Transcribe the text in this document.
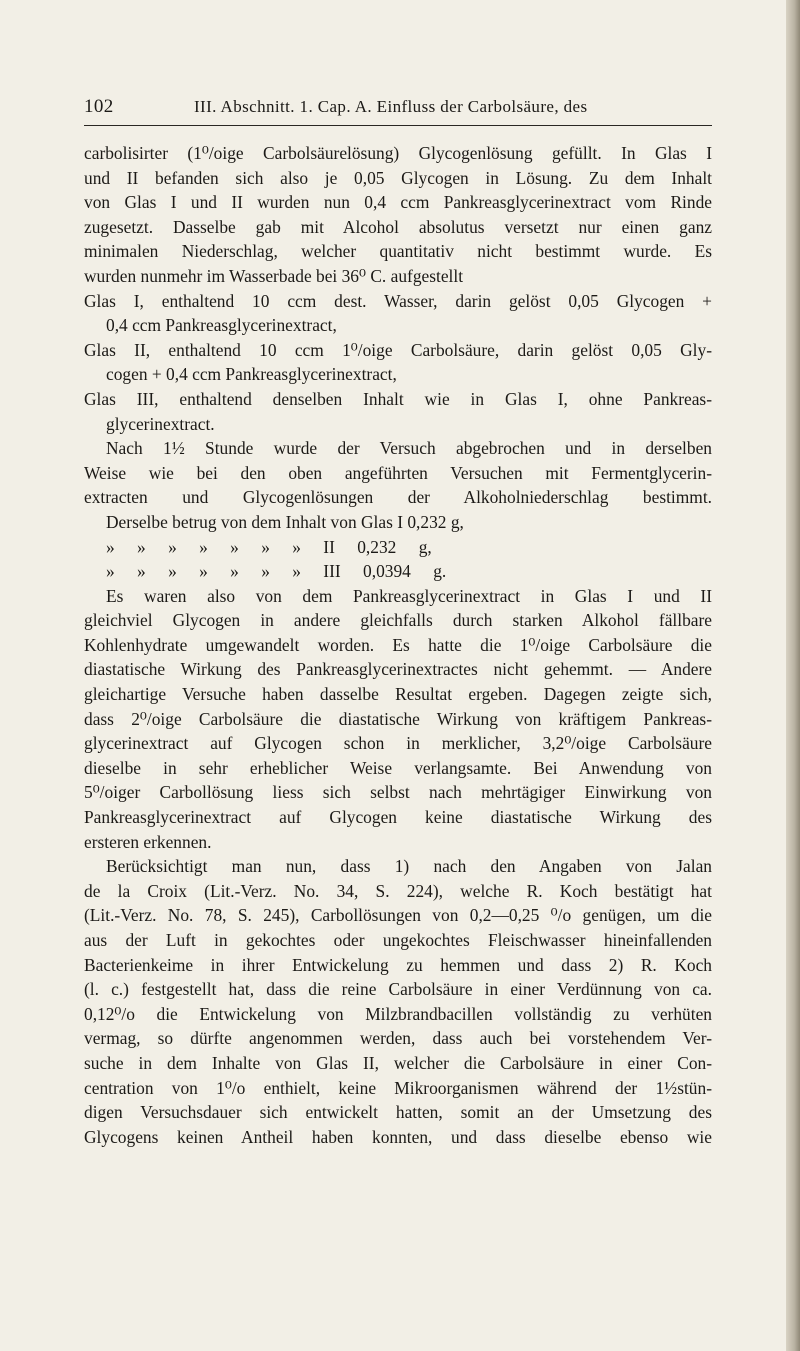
102	III. Abschnitt. 1. Cap. A. Einfluss der Carbolsäure, des
carbolisirter (1⁰/oige Carbolsäurelösung) Glycogenlösung gefüllt. In Glas I
und II befanden sich also je 0,05 Glycogen in Lösung. Zu dem Inhalt
von Glas I und II wurden nun 0,4 ccm Pankreasglycerinextract vom Rinde
zugesetzt. Dasselbe gab mit Alcohol absolutus versetzt nur einen ganz
minimalen Niederschlag, welcher quantitativ nicht bestimmt wurde. Es
wurden nunmehr im Wasserbade bei 36⁰ C. aufgestellt
Glas I, enthaltend 10 ccm dest. Wasser, darin gelöst 0,05 Glycogen +
0,4 ccm Pankreasglycerinextract,
Glas II, enthaltend 10 ccm 1⁰/oige Carbolsäure, darin gelöst 0,05 Gly-
cogen + 0,4 ccm Pankreasglycerinextract,
Glas III, enthaltend denselben Inhalt wie in Glas I, ohne Pankreas-
glycerinextract.
Nach 1½ Stunde wurde der Versuch abgebrochen und in derselben
Weise wie bei den oben angeführten Versuchen mit Fermentglycerin-
extracten und Glycogenlösungen der Alkoholniederschlag bestimmt.
Derselbe betrug von dem Inhalt von Glas I 0,232 g,
» » » » » » » II 0,232 g,
» » » » » » » III 0,0394 g.
Es waren also von dem Pankreasglycerinextract in Glas I und II
gleichviel Glycogen in andere gleichfalls durch starken Alkohol fällbare
Kohlenhydrate umgewandelt worden. Es hatte die 1⁰/oige Carbolsäure die
diastatische Wirkung des Pankreasglycerinextractes nicht gehemmt. — Andere
gleichartige Versuche haben dasselbe Resultat ergeben. Dagegen zeigte sich,
dass 2⁰/oige Carbolsäure die diastatische Wirkung von kräftigem Pankreas-
glycerinextract auf Glycogen schon in merklicher, 3,2⁰/oige Carbolsäure
dieselbe in sehr erheblicher Weise verlangsamte. Bei Anwendung von
5⁰/oiger Carbollösung liess sich selbst nach mehrtägiger Einwirkung von
Pankreasglycerinextract auf Glycogen keine diastatische Wirkung des
ersteren erkennen.
Berücksichtigt man nun, dass 1) nach den Angaben von Jalan
de la Croix (Lit.-Verz. No. 34, S. 224), welche R. Koch bestätigt hat
(Lit.-Verz. No. 78, S. 245), Carbollösungen von 0,2—0,25 ⁰/o genügen, um die
aus der Luft in gekochtes oder ungekochtes Fleischwasser hineinfallenden
Bacterienkeime in ihrer Entwickelung zu hemmen und dass 2) R. Koch
(l. c.) festgestellt hat, dass die reine Carbolsäure in einer Verdünnung von ca.
0,12⁰/o die Entwickelung von Milzbrandbacillen vollständig zu verhüten
vermag, so dürfte angenommen werden, dass auch bei vorstehendem Ver-
suche in dem Inhalte von Glas II, welcher die Carbolsäure in einer Con-
centration von 1⁰/o enthielt, keine Mikroorganismen während der 1½stün-
digen Versuchsdauer sich entwickelt hatten, somit an der Umsetzung des
Glycogens keinen Antheil haben konnten, und dass dieselbe ebenso wie
